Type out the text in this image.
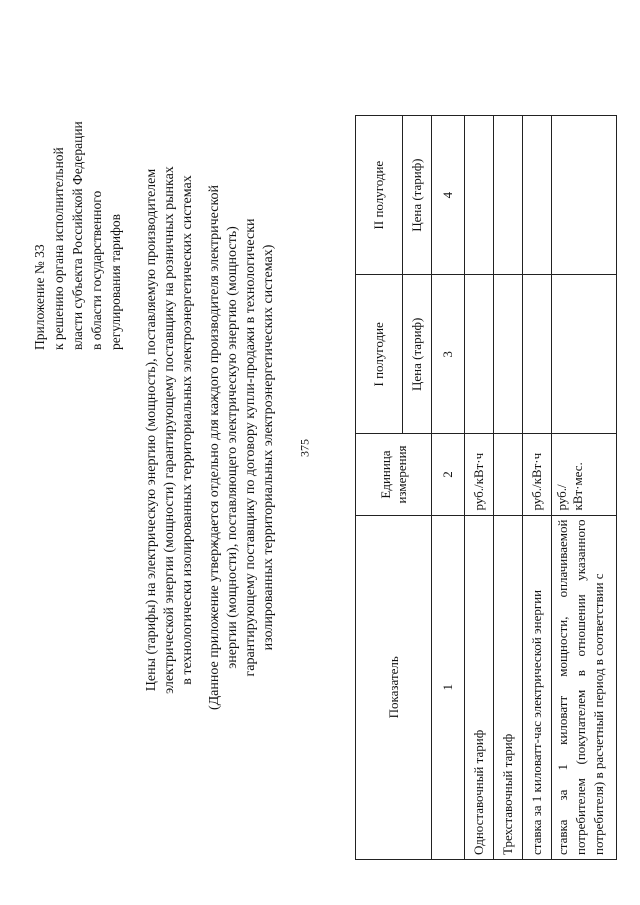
375
Приложение № 33 к решению органа исполнительной власти субъекта Российской Федерации в области государственного регулирования тарифов Цены (тарифы) на электрическую энергию (мощность), поставляемую производителем электрической энергии (мощности) гарантирующему поставщику на розничных рынках в технологически изолированных территориальных электроэнергетических системах (Данное приложение утверждается отдельно для каждого производителя электрической энергии (мощности), поставляющего электрическую энергию (мощность) гарантирующему поставщику по договору купли-продажи в технологически изолированных территориальных электроэнергетических системах)
Показатель	Единица измерения	I полугодие	II полугодие
		Цена (тариф)	Цена (тариф)
1	2	3	4
Одноставочный тариф	руб./кВт·ч		
Трехставочный тариф			
ставка за 1 киловатт-час электрической энергии	руб./кВт·ч		
ставка за 1 киловатт мощности, оплачиваемой потребителем (покупателем в отношении указанного потребителя) в расчетный период в соответствии с	руб./кВт·мес.		
